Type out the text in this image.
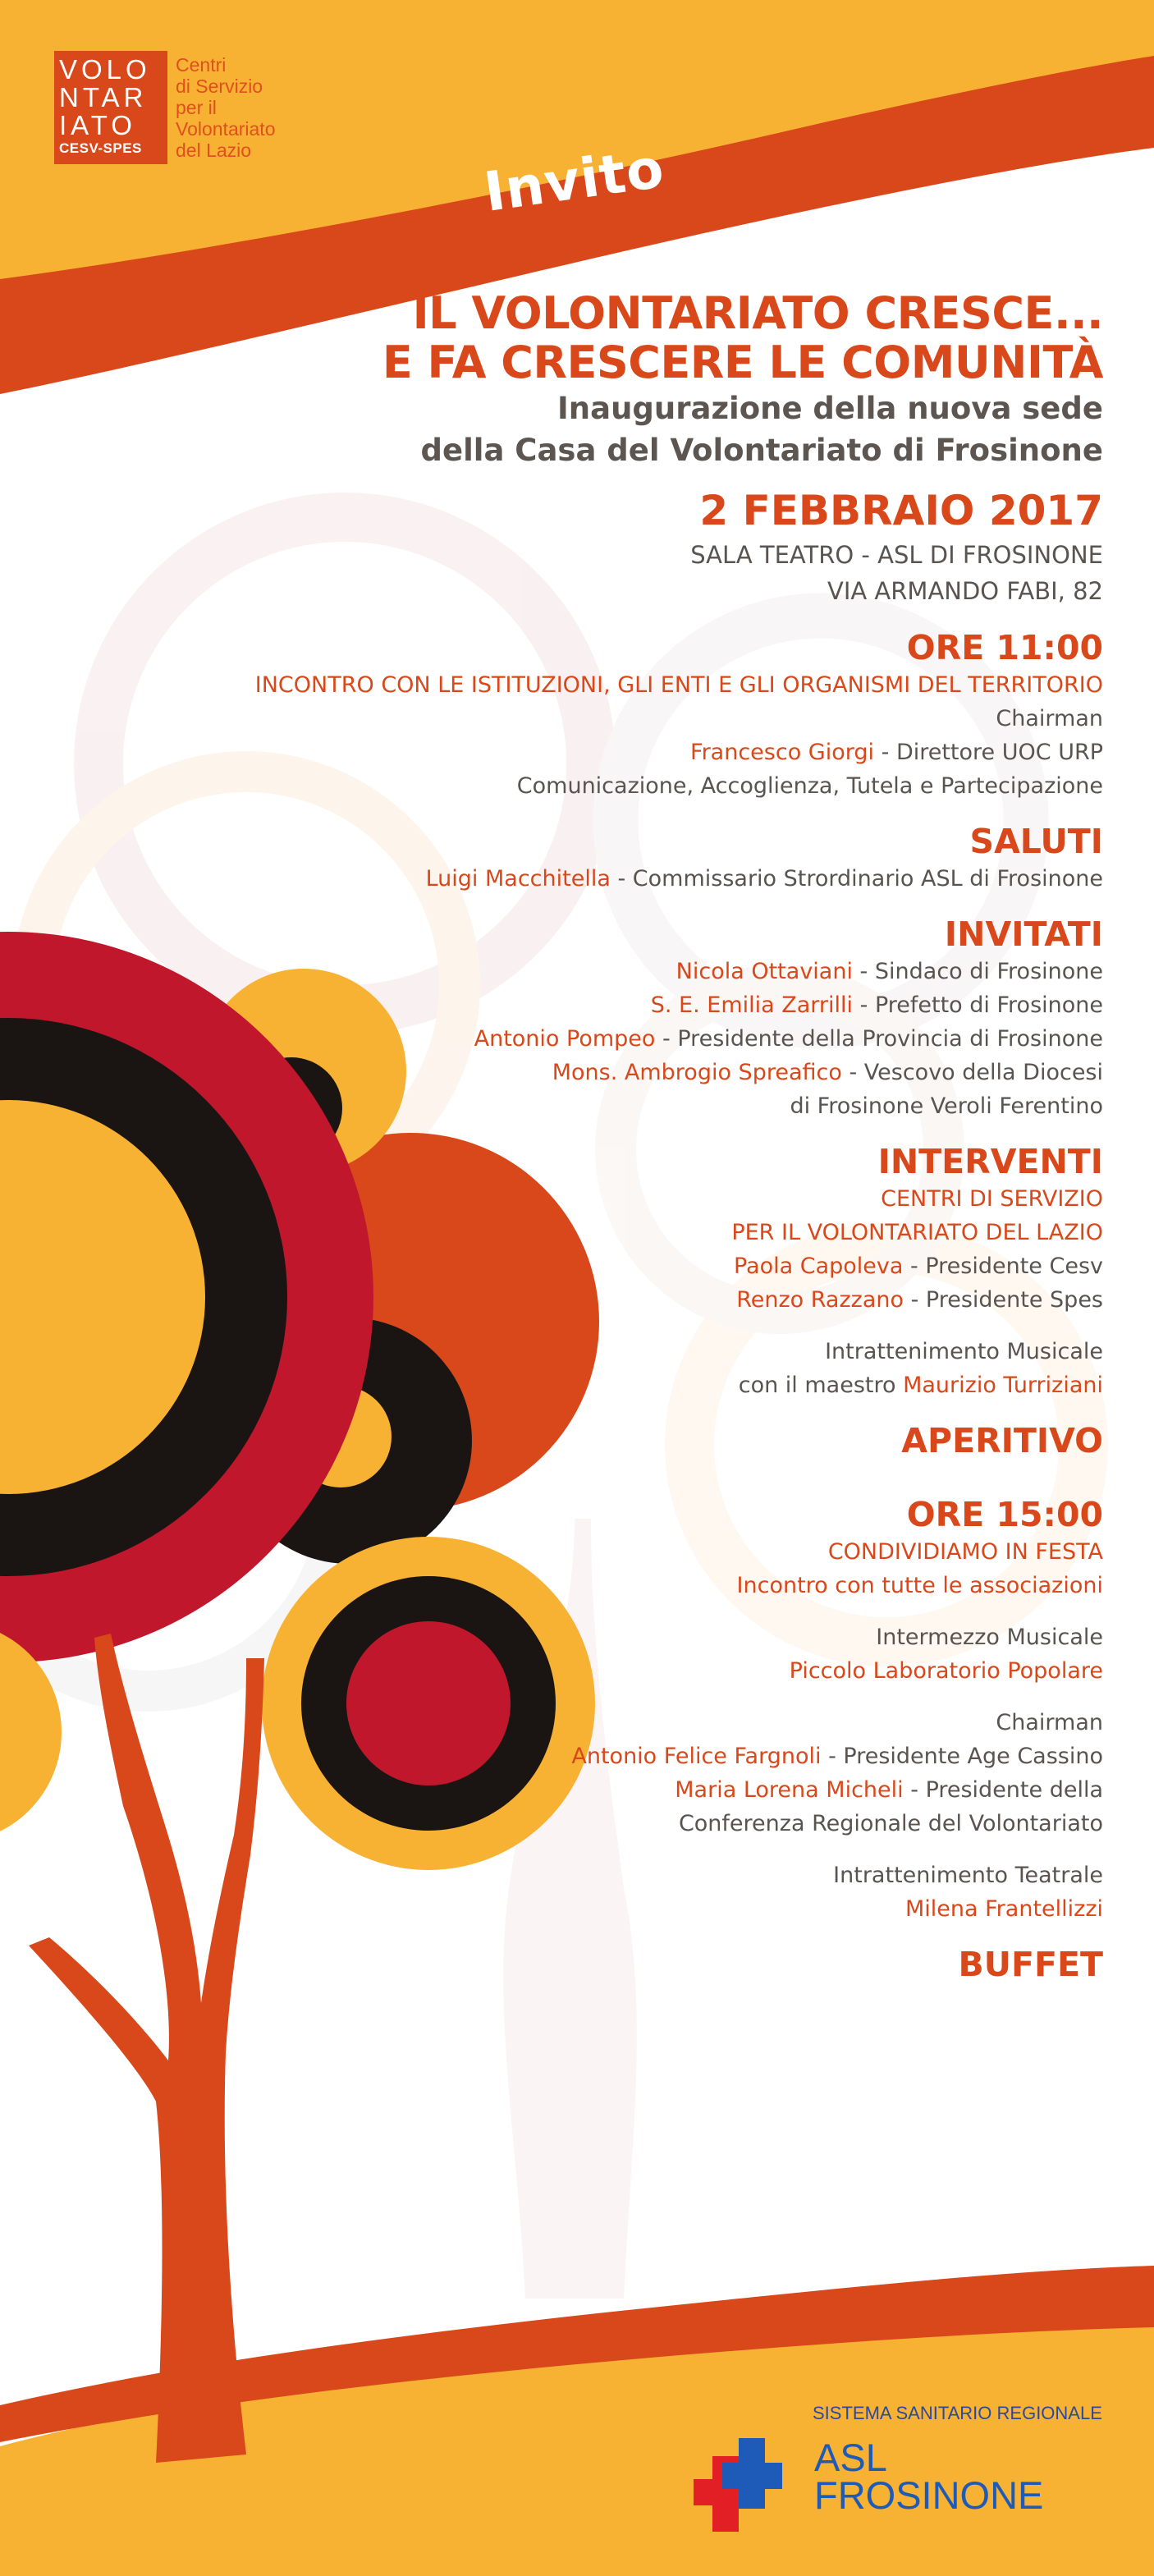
VOLO
NTAR
IATO
CESV-SPES
Centri
di Servizio
per il
Volontariato
del Lazio	Invito

IL VOLONTARIATO CRESCE...

E FA CRESCERE LE COMUNITÀ

Inaugurazione della nuova sede

della Casa del Volontariato di Frosinone

2 FEBBRAIO 2017

SALA TEATRO - ASL DI FROSINONE

VIA ARMANDO FABI, 82

ORE 11:00

INCONTRO CON LE ISTITUZIONI, GLI ENTI E GLI ORGANISMI DEL TERRITORIO

Chairman

Francesco Giorgi - Direttore UOC URP

Comunicazione, Accoglienza, Tutela e Partecipazione

SALUTI

Luigi Macchitella - Commissario Strordinario ASL di Frosinone

INVITATI

Nicola Ottaviani - Sindaco di Frosinone

S. E. Emilia Zarrilli - Prefetto di Frosinone

Antonio Pompeo - Presidente della Provincia di Frosinone

Mons. Ambrogio Spreafico - Vescovo della Diocesi

di Frosinone Veroli Ferentino

INTERVENTI

CENTRI DI SERVIZIO

PER IL VOLONTARIATO DEL LAZIO

Paola Capoleva - Presidente Cesv

Renzo Razzano - Presidente Spes

Intrattenimento Musicale

con il maestro Maurizio Turriziani

APERITIVO

ORE 15:00

CONDIVIDIAMO IN FESTA

Incontro con tutte le associazioni

Intermezzo Musicale

Piccolo Laboratorio Popolare

Chairman

Antonio Felice Fargnoli - Presidente Age Cassino

Maria Lorena Micheli - Presidente della

Conferenza Regionale del Volontariato

Intrattenimento Teatrale

Milena Frantellizzi

BUFFET

SISTEMA SANITARIO REGIONALE
ASL
FROSINONE
